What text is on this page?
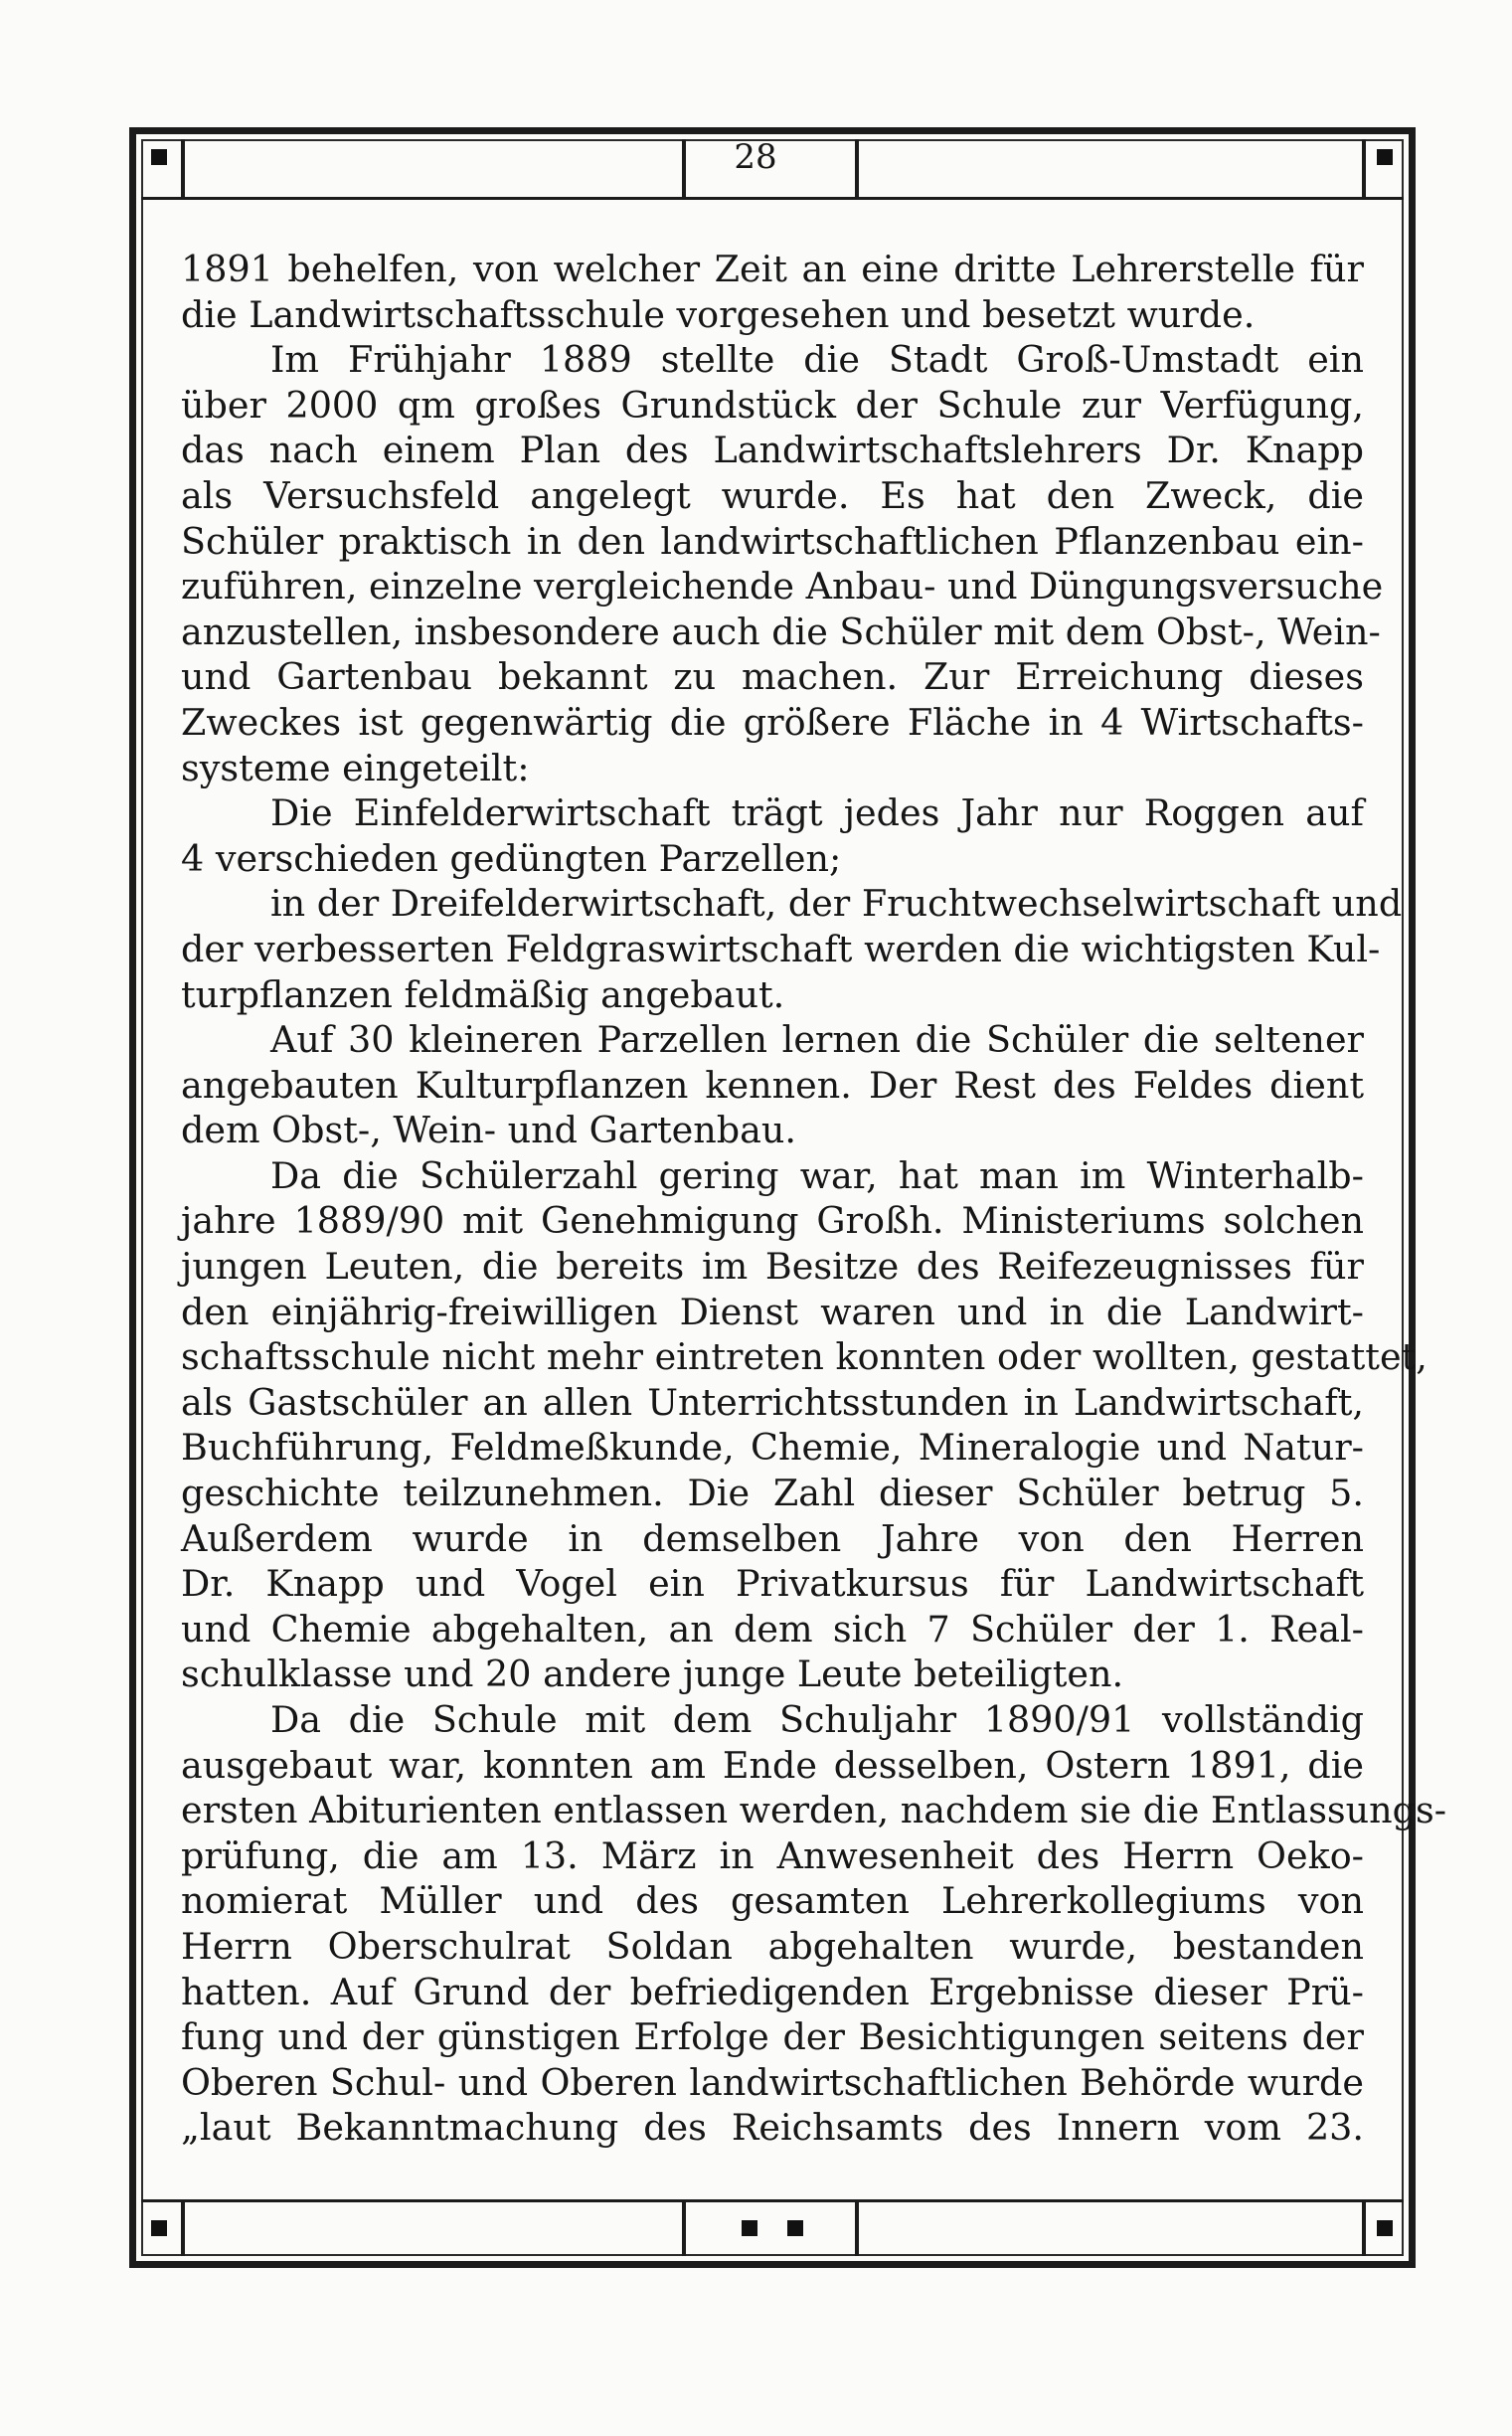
28
1891 behelfen, von welcher Zeit an eine dritte Lehrerstelle für
die Landwirtschaftsschule vorgesehen und besetzt wurde.
Im Frühjahr 1889 stellte die Stadt Groß-Umstadt ein
über 2000 qm großes Grundstück der Schule zur Verfügung,
das nach einem Plan des Landwirtschaftslehrers Dr. Knapp
als Versuchsfeld angelegt wurde. Es hat den Zweck, die
Schüler praktisch in den landwirtschaftlichen Pflanzenbau ein-
zuführen, einzelne vergleichende Anbau- und Düngungsversuche
anzustellen, insbesondere auch die Schüler mit dem Obst-, Wein-
und Gartenbau bekannt zu machen. Zur Erreichung dieses
Zweckes ist gegenwärtig die größere Fläche in 4 Wirtschafts-
systeme eingeteilt:
Die Einfelderwirtschaft trägt jedes Jahr nur Roggen auf
4 verschieden gedüngten Parzellen;
in der Dreifelderwirtschaft, der Fruchtwechselwirtschaft und
der verbesserten Feldgraswirtschaft werden die wichtigsten Kul-
turpflanzen feldmäßig angebaut.
Auf 30 kleineren Parzellen lernen die Schüler die seltener
angebauten Kulturpflanzen kennen. Der Rest des Feldes dient
dem Obst-, Wein- und Gartenbau.
Da die Schülerzahl gering war, hat man im Winterhalb-
jahre 1889/90 mit Genehmigung Großh. Ministeriums solchen
jungen Leuten, die bereits im Besitze des Reifezeugnisses für
den einjährig-freiwilligen Dienst waren und in die Landwirt-
schaftsschule nicht mehr eintreten konnten oder wollten, gestattet,
als Gastschüler an allen Unterrichtsstunden in Landwirtschaft,
Buchführung, Feldmeßkunde, Chemie, Mineralogie und Natur-
geschichte teilzunehmen. Die Zahl dieser Schüler betrug 5.
Außerdem wurde in demselben Jahre von den Herren
Dr. Knapp und Vogel ein Privatkursus für Landwirtschaft
und Chemie abgehalten, an dem sich 7 Schüler der 1. Real-
schulklasse und 20 andere junge Leute beteiligten.
Da die Schule mit dem Schuljahr 1890/91 vollständig
ausgebaut war, konnten am Ende desselben, Ostern 1891, die
ersten Abiturienten entlassen werden, nachdem sie die Entlassungs-
prüfung, die am 13. März in Anwesenheit des Herrn Oeko-
nomierat Müller und des gesamten Lehrerkollegiums von
Herrn Oberschulrat Soldan abgehalten wurde, bestanden
hatten. Auf Grund der befriedigenden Ergebnisse dieser Prü-
fung und der günstigen Erfolge der Besichtigungen seitens der
Oberen Schul- und Oberen landwirtschaftlichen Behörde wurde
„laut Bekanntmachung des Reichsamts des Innern vom 23.
